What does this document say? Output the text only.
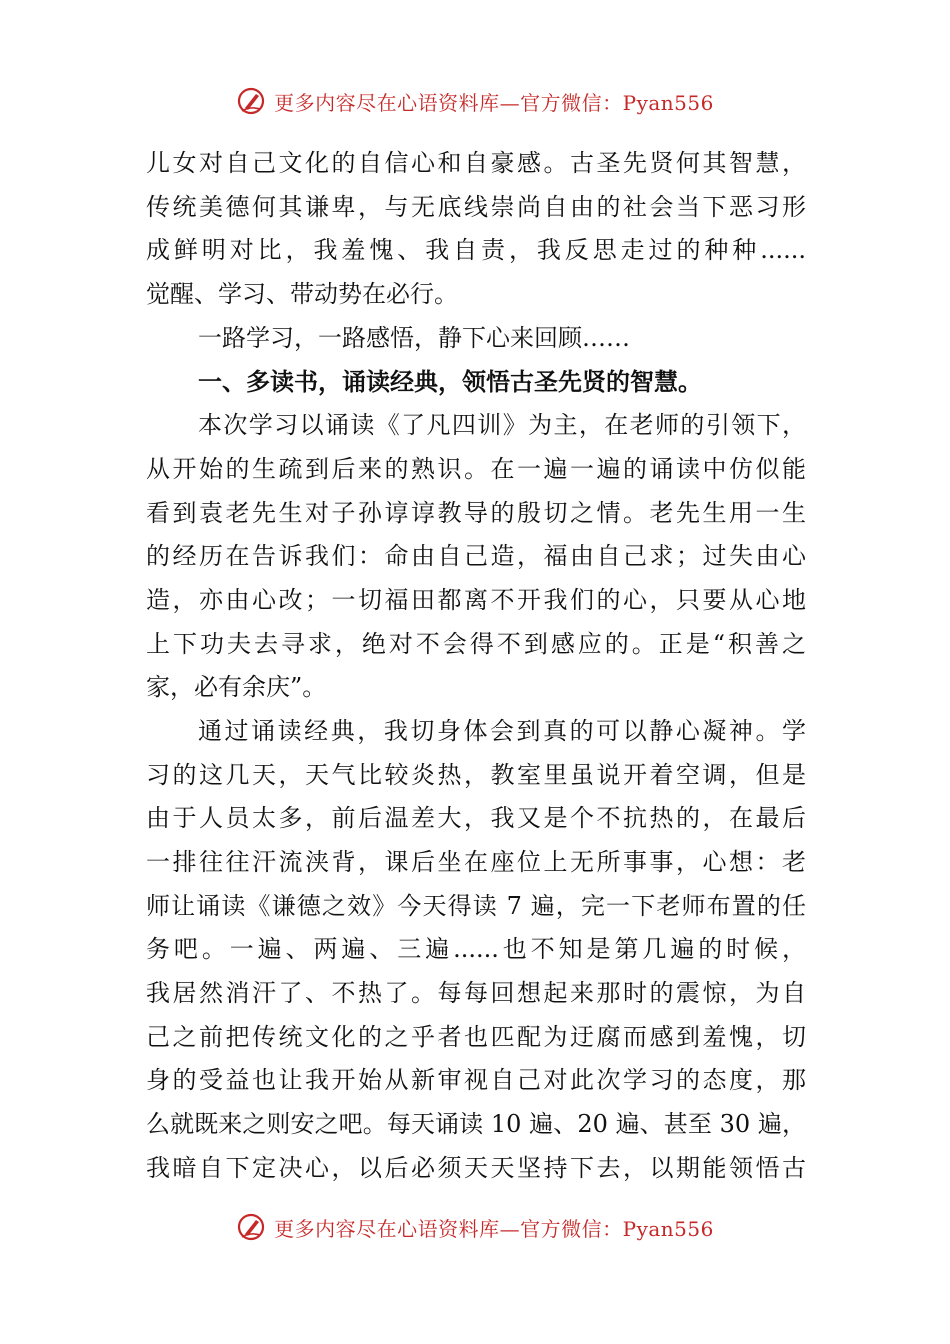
更多内容尽在心语资料库—官方微信：Pyan556
儿女对自己文化的自信心和自豪感。古圣先贤何其智慧，
传统美德何其谦卑，与无底线崇尚自由的社会当下恶习形
成鲜明对比，我羞愧、我自责，我反思走过的种种......
觉醒、学习、带动势在必行。
一路学习，一路感悟，静下心来回顾……
一、多读书，诵读经典，领悟古圣先贤的智慧。
本次学习以诵读《了凡四训》为主，在老师的引领下，
从开始的生疏到后来的熟识。在一遍一遍的诵读中仿似能
看到袁老先生对子孙谆谆教导的殷切之情。老先生用一生
的经历在告诉我们：命由自己造，福由自己求；过失由心
造，亦由心改；一切福田都离不开我们的心，只要从心地
上下功夫去寻求，绝对不会得不到感应的。正是“积善之
家，必有余庆”。
通过诵读经典，我切身体会到真的可以静心凝神。学
习的这几天，天气比较炎热，教室里虽说开着空调，但是
由于人员太多，前后温差大，我又是个不抗热的，在最后
一排往往汗流浃背，课后坐在座位上无所事事，心想：老
师让诵读《谦德之效》今天得读 7 遍，完一下老师布置的任
务吧。一遍、两遍、三遍......也不知是第几遍的时候，
我居然消汗了、不热了。每每回想起来那时的震惊，为自
己之前把传统文化的之乎者也匹配为迂腐而感到羞愧，切
身的受益也让我开始从新审视自己对此次学习的态度，那
么就既来之则安之吧。每天诵读 10 遍、20 遍、甚至 30 遍，
我暗自下定决心，以后必须天天坚持下去，以期能领悟古
更多内容尽在心语资料库—官方微信：Pyan556
